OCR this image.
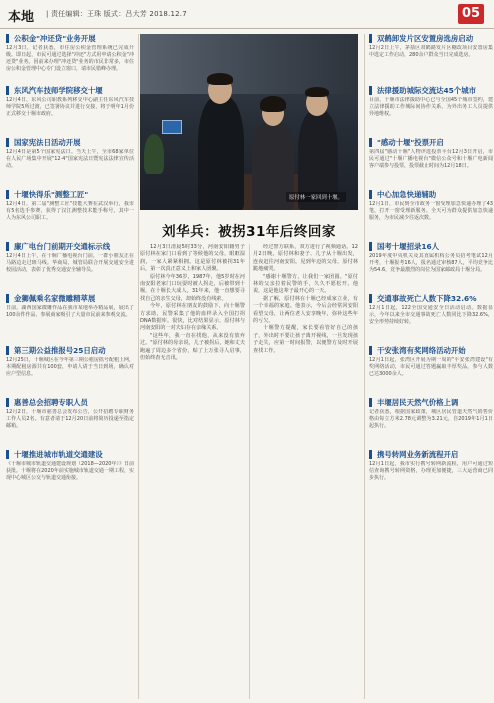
本地 | 责任编辑：王珠 版式：吕大芳 2018.12.7	05
公积金"冲还贷"业务开展
12月3日，记者获悉，市住房公积金管理系统已完成升级。即日起，市民可通过选择"冲还"方式用申请公积金"冲还贷"业务。因前来办理"冲还贷"业务的市民非常多，市住房公积金管理中心专门设立窗口，请市民错峰办理。
东风汽车技师学院移交十堰
12月4日，东风公司职教系列移交中心副主任东风汽车技师学院5所过渡，已签署协议并进行交接，将于明年1月份正式移交十堰市政府。
国家宪法日活动开展
12月4日是第5个国家宪法日。当天上午，全市68家单位在人民广场集中开展"12·4"国家宪法日暨宪法法律宣传活动。
十堰快得乐"测整工匠"
12月4日，第二届"测整工匠"技能大赛在武汉举行，我市有5名选手参赛，获得了汉江测整技术能手称号，其中一人为东风公司职工。
廉广电台门前期开交通标示线
12月4日上午，在十堰广播电视台门前，一群小朋友正在马路边走过斑马线。华商局、城管局联合开展交通安全进校园活动，表彰了优秀交通安全辅导员。
金狮佩乘名家微雕精萃展
日前，湖西国家微雕作品在我市某地举办精品展，展出了100余件作品，参展商家吸引了大量市民前来参观交流。
第三期公益推报号25日启动
12月25日，十堰城区在今年第三期公租房摇号配租上网，本期配租房源共有100套，申请人请于当日到场，确认对应户型信息。
惠善总会招聘专职人员
12月2日，十堰市慈善总会发布公告，公开招聘专职财务工作人员2名。有意者请于12月20日前将简历投递至指定邮箱。
十堰推进城市轨道交通建设
《十堰市城市轨道交通建设规划（2018—2020年）》日前获批。十堰将在2020年前实施城市轨道交通一期工程，实现中心城区公交与轨道交通衔接。
原付林一家回到十堰。
刘华兵：被拐31年后终回家

12月3日清晨5时33分，河南安阳籍男子原付林在家门口看到了等候他的父母，眼眶湿润，一家人紧紧相拥。这是原付林被拐31年后，第一次真正意义上和家人团聚。

原付林今年36岁，1987年，他5岁时在河南安阳老家门口玩耍时被人拐走，后被带到十堰，在十堰长大成人。31年来，他一直想要寻找自己的亲生父母，却始终没有线索。

今年，原付林在朋友的鼓励下，向十堰警方求助，民警采集了他的血样录入全国打拐DNA数据库。很快，比对结果显示，原付林与河南安阳的一对夫妇存在亲缘关系。

"这些年，我一直在找他，从来没有放弃过。"原付林的母亲说，儿子被拐后，她和丈夫跑遍了周边多个省份，贴了上万张寻人启事，但始终杳无音讯。

经过警方联系，双方进行了视频通话。12月2日晚，原付林和妻子、儿子从十堰出发，连夜赶往河南安阳。见到年迈的父母，原付林跪地痛哭。

"感谢十堰警方，让我们一家团圆。"原付林的父亲拉着民警的手，久久不愿松开。他说，这是他这辈子最开心的一天。

据了解，原付林在十堰已经成家立业，有一个幸福的家庭。他表示，今后会经常回安阳看望父母，让两位老人安享晚年，弥补这些年的亏欠。

十堰警方提醒，家长要看管好自己的孩子，外出时不要让孩子离开视线，一旦发现孩子走失，应第一时间报警，以便警方及时开展查找工作。

双鹤卸发片区安置房选房启动
12月2日上午，茅箭区双鹤路发片区棚改项目安置房集中选定工作启动，280余户群众当日完成选房。
法律援助城际交流达45个城市
目前，十堰市法律援助中心已与全国45个城市签约，建立法律援助工作城际间协作关系，为外出务工人员提供异地维权。
"感动十堰"投票开启
第四届"感动十堰"人物评选投票平台12月3日开启，市民可通过"十堰广播电视台"微信公众号和十堰广电新闻客户端参与投票，投票截止时间为12月18日。
中心加急快递辅助
12月1日，市民到全市政务一窗受理加急快递办理了43笔，打开一窗受理新服务。全天可为群众提供加急快递服务，为市民减少往返次数。
国考十堰招录16人
2019年度中央机关及其直属机构公务员招考笔试12月开考，十堰报考16人，报名通过审核87人，平均竞争比为54.6，竞争最激烈的岗位为国家邮政局十堰分局。
交通事故死亡人数下降32.6%
12月1日起，122全国交通安全日活动启动。数据显示，今年以来全市交通事故死亡人数同比下降32.6%，安全形势持续好转。
干安张湾有奖网络活动开始
12月1日起，张湾区开展为期一周的"平安张湾建设"有奖网络活动，市民可通过答题赢取丰厚奖品，参与人数已达3000余人。
丰堰居民天然气价格上调
记者获悉，根据国家政策，城区居民管道天然气销售价格由每立方米2.78元调整为3.21元，自2019年1月1日起执行。
携号转网业务新流程开启
12月1日起，我市实行携号转网新流程，用户可通过短信查询携号转网资格，办理更加便捷，三大运营商已同步执行。
